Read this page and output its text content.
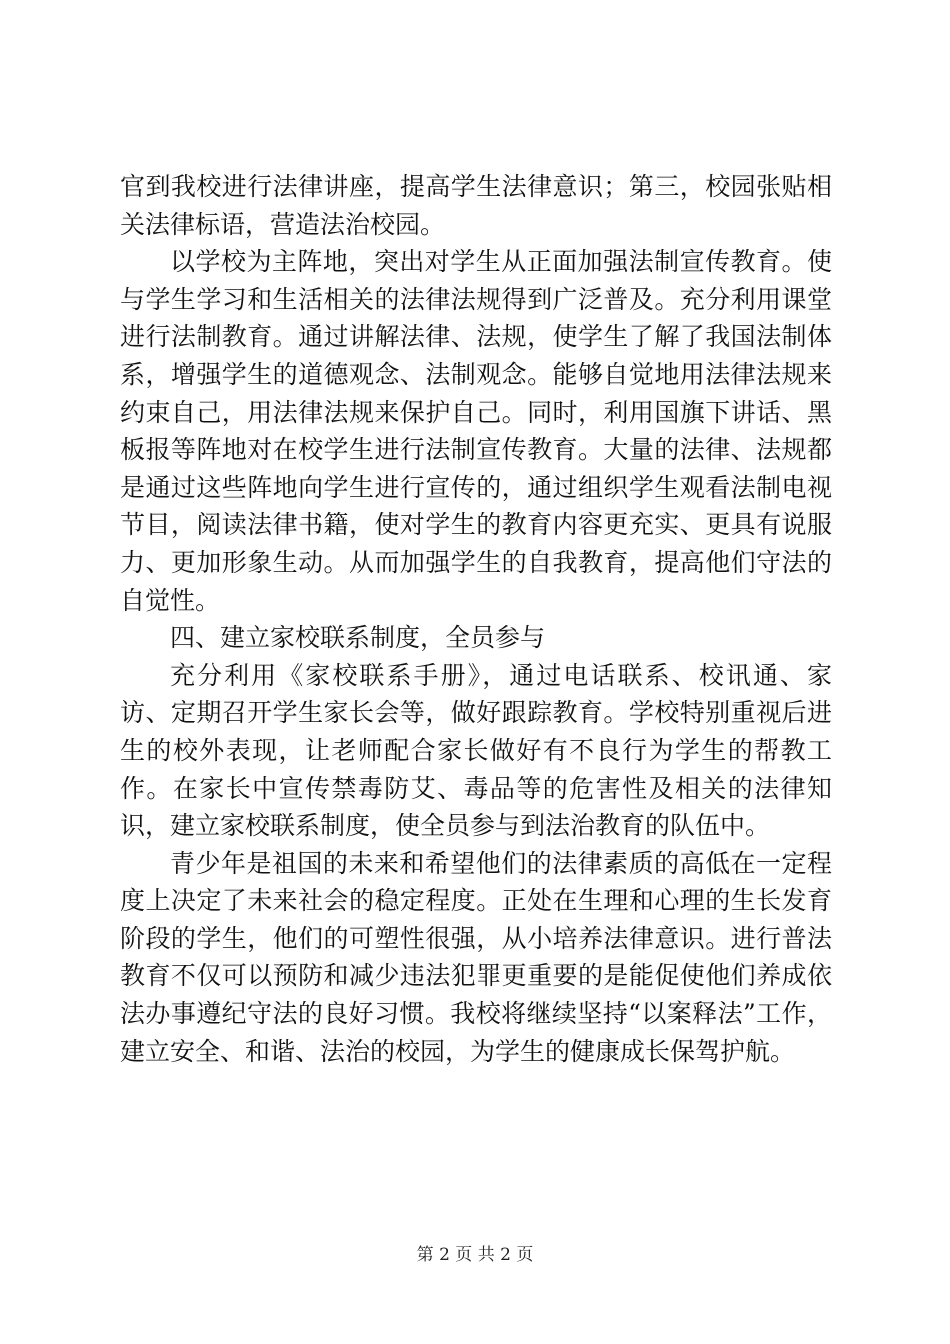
官到我校进行法律讲座，提高学生法律意识；第三，校园张贴相关法律标语，营造法治校园。

以学校为主阵地，突出对学生从正面加强法制宣传教育。使与学生学习和生活相关的法律法规得到广泛普及。充分利用课堂进行法制教育。通过讲解法律、法规，使学生了解了我国法制体系，增强学生的道德观念、法制观念。能够自觉地用法律法规来约束自己，用法律法规来保护自己。同时，利用国旗下讲话、黑板报等阵地对在校学生进行法制宣传教育。大量的法律、法规都是通过这些阵地向学生进行宣传的，通过组织学生观看法制电视节目，阅读法律书籍，使对学生的教育内容更充实、更具有说服力、更加形象生动。从而加强学生的自我教育，提高他们守法的自觉性。

四、建立家校联系制度，全员参与

充分利用《家校联系手册》，通过电话联系、校讯通、家访、定期召开学生家长会等，做好跟踪教育。学校特别重视后进生的校外表现，让老师配合家长做好有不良行为学生的帮教工作。在家长中宣传禁毒防艾、毒品等的危害性及相关的法律知识，建立家校联系制度，使全员参与到法治教育的队伍中。

青少年是祖国的未来和希望他们的法律素质的高低在一定程度上决定了未来社会的稳定程度。正处在生理和心理的生长发育阶段的学生，他们的可塑性很强，从小培养法律意识。进行普法教育不仅可以预防和减少违法犯罪更重要的是能促使他们养成依法办事遵纪守法的良好习惯。我校将继续坚持“以案释法”工作，建立安全、和谐、法治的校园，为学生的健康成长保驾护航。

第 2 页 共 2 页
